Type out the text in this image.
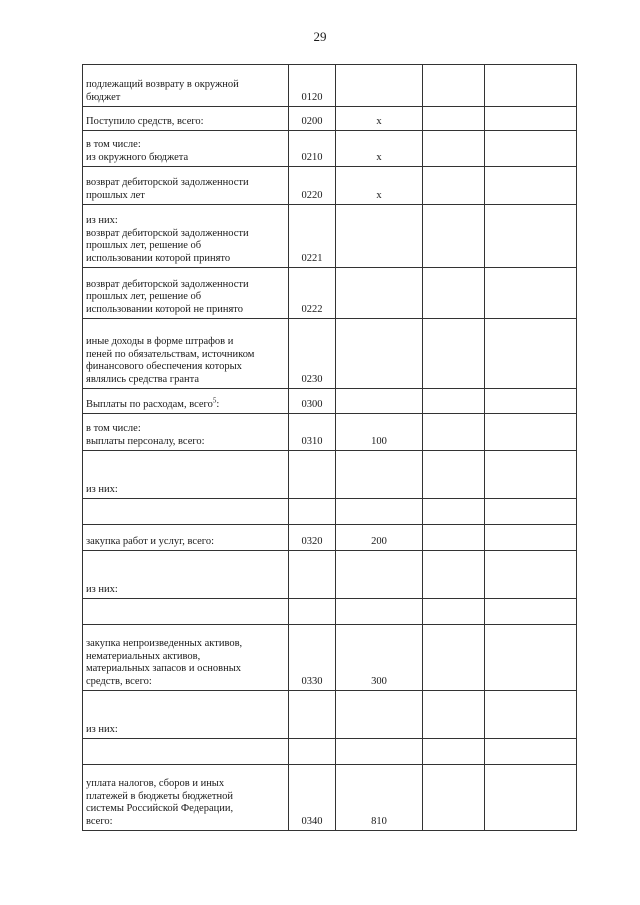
29
подлежащий возврату в окружной
бюджет	0120			

Поступило средств, всего:	0200	x		

в том числе:
из окружного бюджета	0210	x		

возврат дебиторской задолженности
прошлых лет	0220	x		

из них:
возврат дебиторской задолженности
прошлых лет, решение об
использовании которой принято	0221			

возврат дебиторской задолженности
прошлых лет, решение об
использовании которой не принято	0222			

иные доходы в форме штрафов и
пеней по обязательствам, источником
финансового обеспечения которых
являлись средства гранта	0230			

Выплаты по расходам, всего$^5$:	0300			

в том числе:
выплаты персоналу, всего:	0310	100		

из них:				

закупка работ и услуг, всего:	0320	200		

из них:				

закупка непроизведенных активов,
нематериальных активов,
материальных запасов и основных
средств, всего:	0330	300		

из них:				

уплата налогов, сборов и иных
платежей в бюджеты бюджетной
системы Российской Федерации,
всего:	0340	810		
